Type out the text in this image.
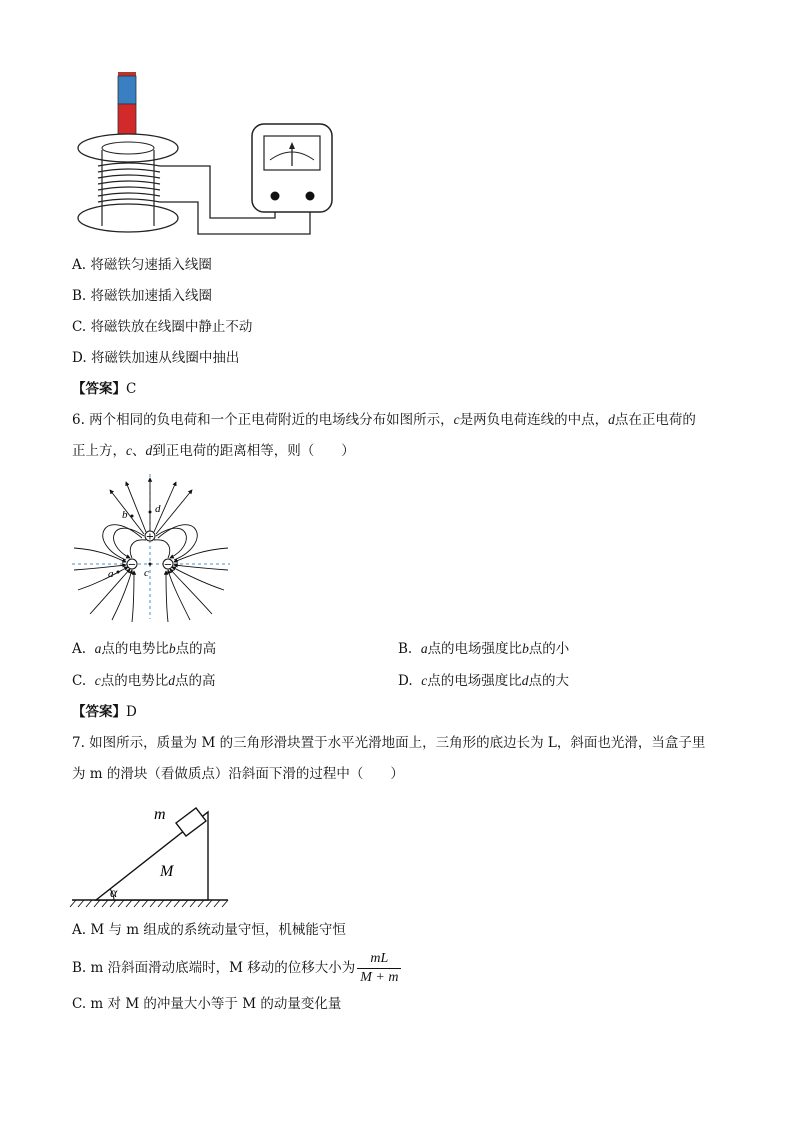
A. 将磁铁匀速插入线圈
B. 将磁铁加速插入线圈
C. 将磁铁放在线圈中静止不动
D. 将磁铁加速从线圈中抽出
【答案】C
6. 两个相同的负电荷和一个正电荷附近的电场线分布如图所示，c是两负电荷连线的中点，d点在正电荷的
正上方，c、d到正电荷的距离相等，则（　　）
+
−	−
a
b
c
d
A. a点的电势比b点的高	B. a点的电场强度比b点的小
C. c点的电势比d点的高	D. c点的电场强度比d点的大
【答案】D
7. 如图所示，质量为 M 的三角形滑块置于水平光滑地面上，三角形的底边长为 L，斜面也光滑，当盒子里
为 m 的滑块（看做质点）沿斜面下滑的过程中（　　）
α
m
M
A. M 与 m 组成的系统动量守恒，机械能守恒
B. m 沿斜面滑动底端时，M 移动的位移大小为 $\frac{mL}{M + m}$
C. m 对 M 的冲量大小等于 M 的动量变化量
